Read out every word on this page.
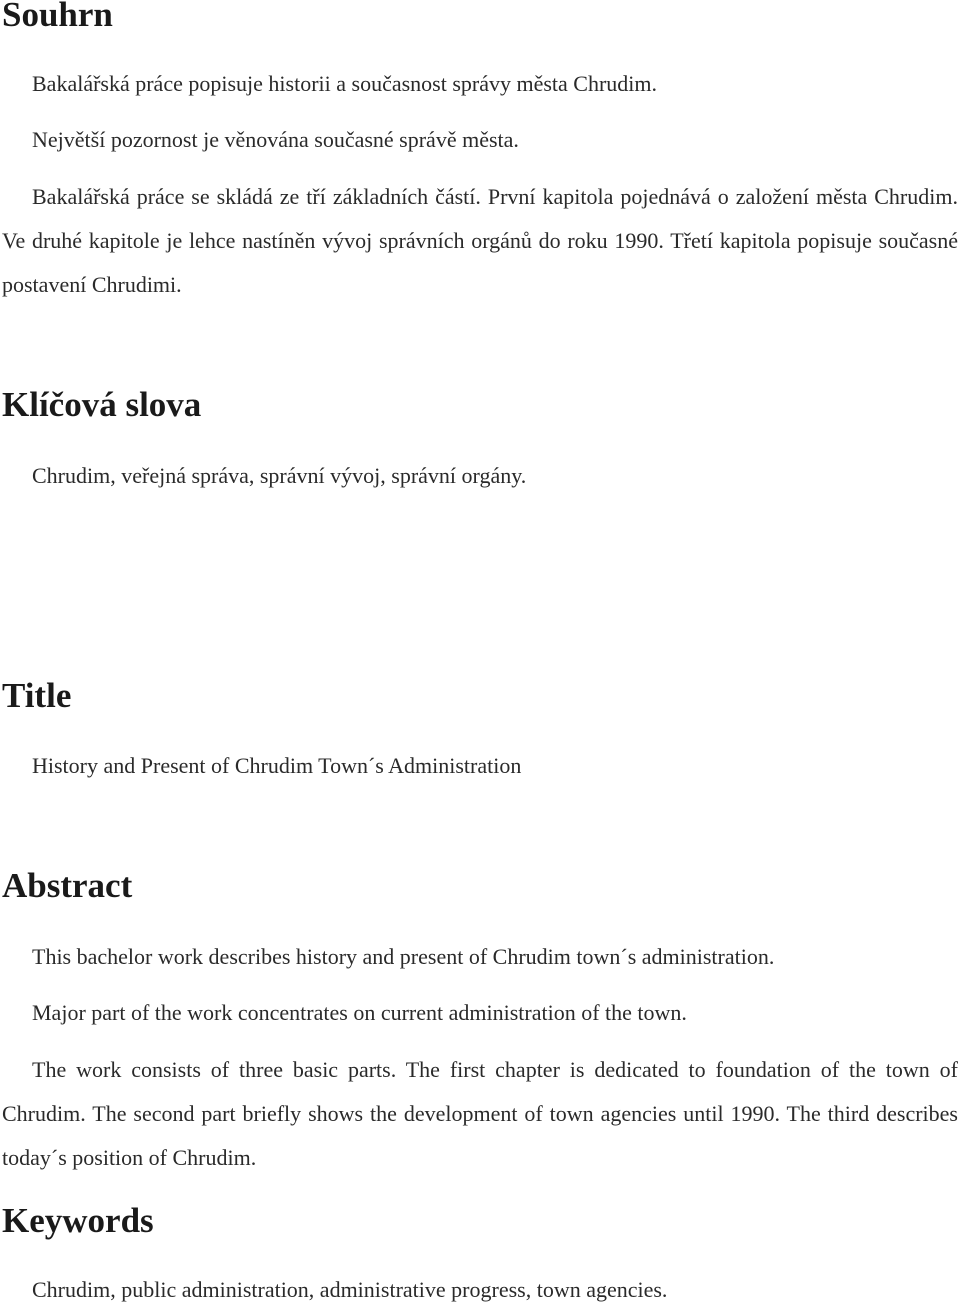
Souhrn

Bakalářská práce popisuje historii a současnost správy města Chrudim.

Největší pozornost je věnována současné správě města.

Bakalářská práce se skládá ze tří základních částí. První kapitola pojednává o založení města Chrudim. Ve druhé kapitole je lehce nastíněn vývoj správních orgánů do roku 1990. Třetí kapitola popisuje současné postavení Chrudimi.

Klíčová slova

Chrudim, veřejná správa, správní vývoj, správní orgány.

Title

History and Present of Chrudim Town´s Administration

Abstract

This bachelor work describes history and present of Chrudim town´s administration.

Major part of the work concentrates on current administration of the town.

The work consists of three basic parts. The first chapter is dedicated to foundation of the town of Chrudim. The second part briefly shows the development of town agencies until 1990. The third describes today´s position of Chrudim.

Keywords

Chrudim, public administration, administrative progress, town agencies.
